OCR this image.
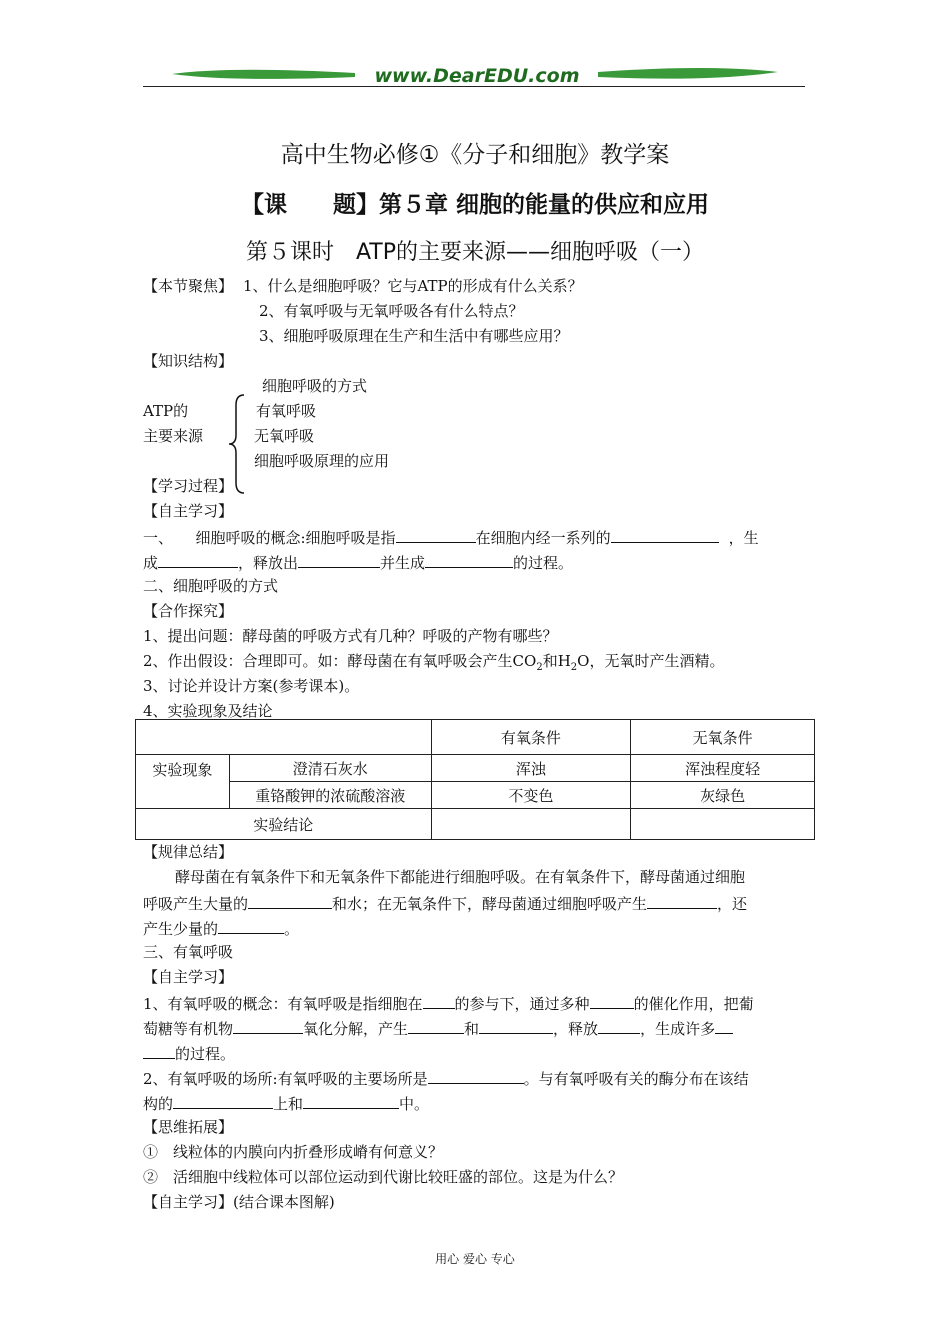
www.DearEDU.com
高中生物必修①《分子和细胞》教学案
【课　　题】第５章 细胞的能量的供应和应用
第５课时　ATP的主要来源——细胞呼吸（一）
【本节聚焦】 1、什么是细胞呼吸？它与ATP的形成有什么关系？
2、有氧呼吸与无氧呼吸各有什么特点？
3、细胞呼吸原理在生产和生活中有哪些应用？
【知识结构】
细胞呼吸的方式
ATP的	有氧呼吸
主要来源	无氧呼吸
细胞呼吸原理的应用
【学习过程】
【自主学习】
一、　　细胞呼吸的概念:细胞呼吸是指	在细胞内经一系列的	，生
成	，释放出	并生成	的过程。
二、细胞呼吸的方式
【合作探究】
1、提出问题：酵母菌的呼吸方式有几种？呼吸的产物有哪些？
2、作出假设：合理即可。如：酵母菌在有氧呼吸会产生$CO_2$和$H_2O$，无氧时产生酒精。
3、讨论并设计方案(参考课本)。
4、实验现象及结论
		有氧条件	无氧条件
实验现象	澄清石灰水	浑浊	浑浊程度轻
	重铬酸钾的浓硫酸溶液	不变色	灰绿色
实验结论			
【规律总结】
酵母菌在有氧条件下和无氧条件下都能进行细胞呼吸。在有氧条件下，酵母菌通过细胞
呼吸产生大量的	和水；在无氧条件下，酵母菌通过细胞呼吸产生	，还
产生少量的	。
三、有氧呼吸
【自主学习】
1、有氧呼吸的概念：有氧呼吸是指细胞在 的参与下，通过多种	的催化作用，把葡
萄糖等有机物	氧化分解，产生	和	，释放	，生成许多
的过程。
2、有氧呼吸的场所:有氧呼吸的主要场所是	。与有氧呼吸有关的酶分布在该结
构的	上和	中。
【思维拓展】
①　线粒体的内膜向内折叠形成嵴有何意义？
②　活细胞中线粒体可以部位运动到代谢比较旺盛的部位。这是为什么？
【自主学习】(结合课本图解)
用心 爱心 专心
